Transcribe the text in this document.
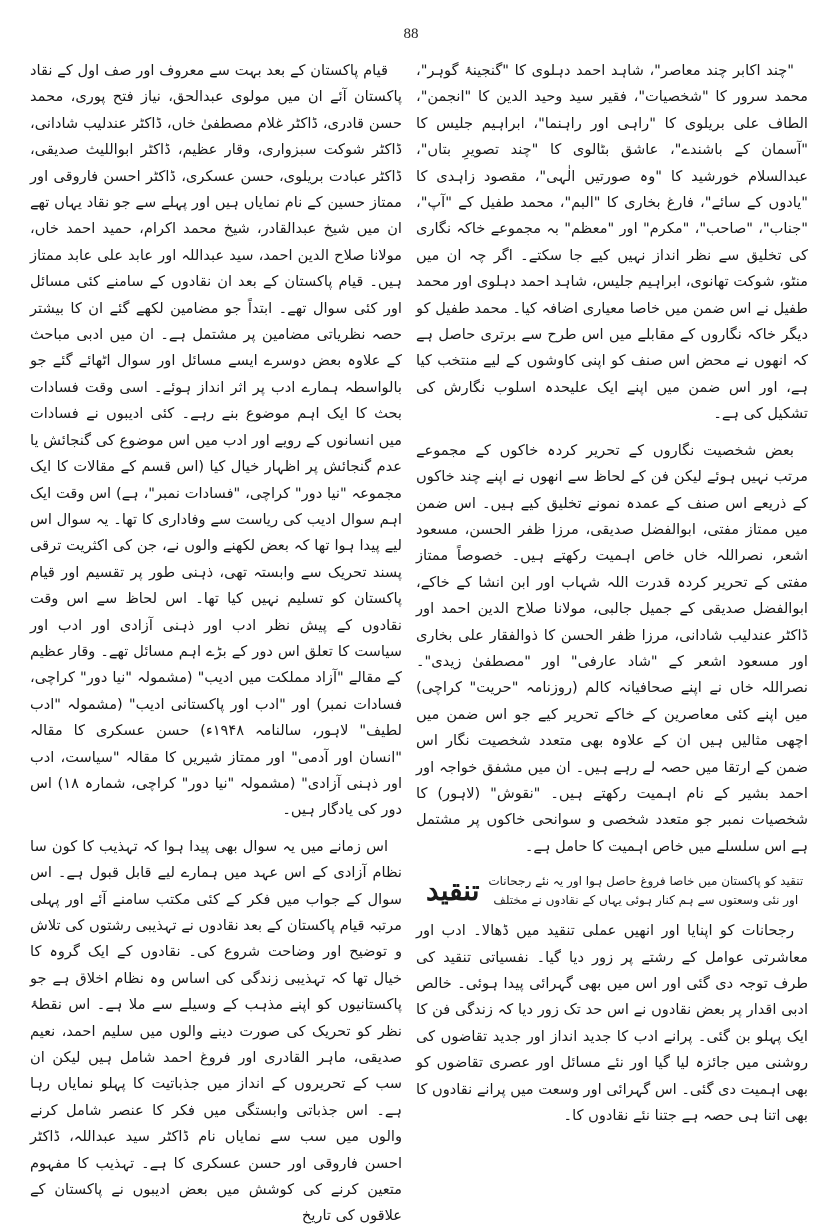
88

"چند اکابر چند معاصر"، شاہد احمد دہلوی کا "گنجینۂ گوہر"، محمد سرور کا "شخصیات"، فقیر سید وحید الدین کا "انجمن"، الطاف علی بریلوی کا "راہی اور راہنما"، ابراہیم جلیس کا "آسمان کے باشندے"، عاشق بٹالوی کا "چند تصویرِ بتاں"، عبدالسلام خورشید کا "وہ صورتیں الٰہی"، مقصود زاہدی کا "یادوں کے سائے"، فارغ بخاری کا "البم"، محمد طفیل کے "آپ"، "جناب"، "صاحب"، "مکرم" اور "معظم" بہ مجموعے خاکہ نگاری کی تخلیق سے نظر انداز نہیں کیے جا سکتے۔ اگر چہ ان میں منٹو، شوکت تھانوی، ابراہیم جلیس، شاہد احمد دہلوی اور محمد طفیل نے اس ضمن میں خاصا معیاری اضافہ کیا۔ محمد طفیل کو دیگر خاکہ نگاروں کے مقابلے میں اس طرح سے برتری حاصل ہے کہ انھوں نے محض اس صنف کو اپنی کاوشوں کے لیے منتخب کیا ہے، اور اس ضمن میں اپنے ایک علیحدہ اسلوب نگارش کی تشکیل کی ہے۔

بعض شخصیت نگاروں کے تحریر کردہ خاکوں کے مجموعے مرتب نہیں ہوئے لیکن فن کے لحاظ سے انھوں نے اپنے چند خاکوں کے ذریعے اس صنف کے عمدہ نمونے تخلیق کیے ہیں۔ اس ضمن میں ممتاز مفتی، ابوالفضل صدیقی، مرزا ظفر الحسن، مسعود اشعر، نصراللہ خاں خاص اہمیت رکھتے ہیں۔ خصوصاً ممتاز مفتی کے تحریر کردہ قدرت اللہ شہاب اور ابن انشا کے خاکے، ابوالفضل صدیقی کے جمیل جالبی، مولانا صلاح الدین احمد اور ڈاکٹر عندلیب شادانی، مرزا ظفر الحسن کا ذوالفقار علی بخاری اور مسعود اشعر کے "شاد عارفی" اور "مصطفیٰ زیدی"۔ نصراللہ خاں نے اپنے صحافیانہ کالم (روزنامہ "حریت" کراچی) میں اپنے کئی معاصرین کے خاکے تحریر کیے جو اس ضمن میں اچھی مثالیں ہیں ان کے علاوہ بھی متعدد شخصیت نگار اس ضمن کے ارتقا میں حصہ لے رہے ہیں۔ ان میں مشفق خواجہ اور احمد بشیر کے نام اہمیت رکھتے ہیں۔ "نقوش" (لاہور) کا شخصیات نمبر جو متعدد شخصی و سوانحی خاکوں پر مشتمل ہے اس سلسلے میں خاص اہمیت کا حامل ہے۔

تنقید تنقید کو پاکستان میں خاصا فروغ حاصل ہوا اور یہ نئے رجحانات اور نئی وسعتوں سے ہم کنار ہوئی یہاں کے نقادوں نے مختلف

رجحانات کو اپنایا اور انھیں عملی تنقید میں ڈھالا۔ ادب اور معاشرتی عوامل کے رشتے پر زور دیا گیا۔ نفسیاتی تنقید کی طرف توجہ دی گئی اور اس میں بھی گہرائی پیدا ہوئی۔ خالص ادبی اقدار پر بعض نقادوں نے اس حد تک زور دیا کہ زندگی فن کا ایک پہلو بن گئی۔ پرانے ادب کا جدید انداز اور جدید تقاضوں کی روشنی میں جائزہ لیا گیا اور نئے مسائل اور عصری تقاضوں کو بھی اہمیت دی گئی۔ اس گہرائی اور وسعت میں پرانے نقادوں کا بھی اتنا ہی حصہ ہے جتنا نئے نقادوں کا۔

قیام پاکستان کے بعد بہت سے معروف اور صف اول کے نقاد پاکستان آئے ان میں مولوی عبدالحق، نیاز فتح پوری، محمد حسن قادری، ڈاکٹر غلام مصطفیٰ خاں، ڈاکٹر عندلیب شادانی، ڈاکٹر شوکت سبزواری، وقار عظیم، ڈاکٹر ابواللیث صدیقی، ڈاکٹر عبادت بریلوی، حسن عسکری، ڈاکٹر احسن فاروقی اور ممتاز حسین کے نام نمایاں ہیں اور پہلے سے جو نقاد یہاں تھے ان میں شیخ عبدالقادر، شیخ محمد اکرام، حمید احمد خاں، مولانا صلاح الدین احمد، سید عبداللہ اور عابد علی عابد ممتاز ہیں۔ قیام پاکستان کے بعد ان نقادوں کے سامنے کئی مسائل اور کئی سوال تھے۔ ابتداً جو مضامین لکھے گئے ان کا بیشتر حصہ نظریاتی مضامین پر مشتمل ہے۔ ان میں ادبی مباحث کے علاوہ بعض دوسرے ایسے مسائل اور سوال اٹھائے گئے جو بالواسطہ ہمارے ادب پر اثر انداز ہوئے۔ اسی وقت فسادات بحث کا ایک اہم موضوع بنے رہے۔ کئی ادیبوں نے فسادات میں انسانوں کے رویے اور ادب میں اس موضوع کی گنجائش یا عدم گنجائش پر اظہار خیال کیا (اس قسم کے مقالات کا ایک مجموعہ "نیا دور" کراچی، "فسادات نمبر"، ہے) اس وقت ایک اہم سوال ادیب کی ریاست سے وفاداری کا تھا۔ یہ سوال اس لیے پیدا ہوا تھا کہ بعض لکھنے والوں نے، جن کی اکثریت ترقی پسند تحریک سے وابستہ تھی، ذہنی طور پر تقسیم اور قیام پاکستان کو تسلیم نہیں کیا تھا۔ اس لحاظ سے اس وقت نقادوں کے پیش نظر ادب اور ذہنی آزادی اور ادب اور سیاست کا تعلق اس دور کے بڑے اہم مسائل تھے۔ وقار عظیم کے مقالے "آزاد مملکت میں ادیب" (مشمولہ "نیا دور" کراچی، فسادات نمبر) اور "ادب اور پاکستانی ادیب" (مشمولہ "ادب لطیف" لاہور، سالنامہ ۱۹۴۸ء) حسن عسکری کا مقالہ "انسان اور آدمی" اور ممتاز شیریں کا مقالہ "سیاست، ادب اور ذہنی آزادی" (مشمولہ "نیا دور" کراچی، شمارہ ۱۸) اس دور کی یادگار ہیں۔

اس زمانے میں یہ سوال بھی پیدا ہوا کہ تہذیب کا کون سا نظام آزادی کے اس عہد میں ہمارے لیے قابل قبول ہے۔ اس سوال کے جواب میں فکر کے کئی مکتب سامنے آئے اور پہلی مرتبہ قیام پاکستان کے بعد نقادوں نے تہذیبی رشتوں کی تلاش و توضیح اور وضاحت شروع کی۔ نقادوں کے ایک گروہ کا خیال تھا کہ تہذیبی زندگی کی اساس وہ نظام اخلاق ہے جو پاکستانیوں کو اپنے مذہب کے وسیلے سے ملا ہے۔ اس نقطۂ نظر کو تحریک کی صورت دینے والوں میں سلیم احمد، نعیم صدیقی، ماہر القادری اور فروغ احمد شامل ہیں لیکن ان سب کے تحریروں کے انداز میں جذباتیت کا پہلو نمایاں رہا ہے۔ اس جذباتی وابستگی میں فکر کا عنصر شامل کرنے والوں میں سب سے نمایاں نام ڈاکٹر سید عبداللہ، ڈاکٹر احسن فاروقی اور حسن عسکری کا ہے۔ تہذیب کا مفہوم متعین کرنے کی کوشش میں بعض ادیبوں نے پاکستان کے علاقوں کی تاریخ
